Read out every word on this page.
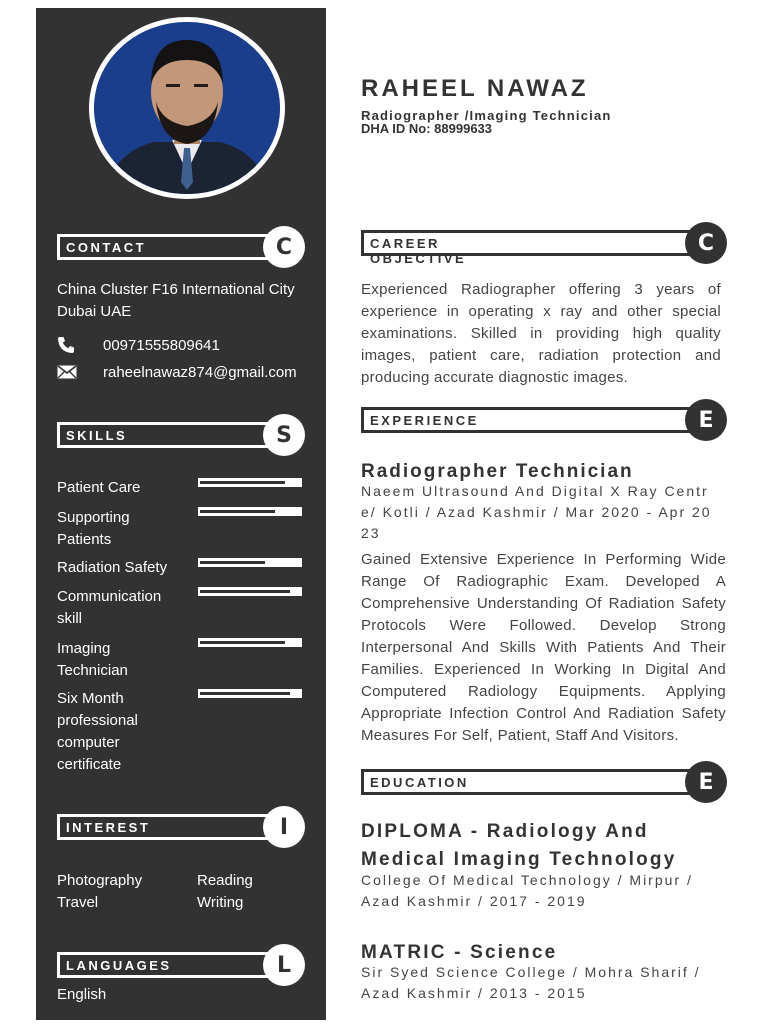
CONTACT	C
China Cluster F16 International City
Dubai UAE
00971555809641
raheelnawaz874@gmail.com
SKILLS	S
Patient Care
Supporting Patients
Radiation Safety
Communication skill
Imaging Technician
Six Month professional computer certificate
INTEREST	I
Photography
Travel
Reading
Writing
LANGUAGES	L
English
RAHEEL NAWAZ
Radiographer /Imaging Technician
DHA ID No: 88999633
CAREER OBJECTIVE
C
Experienced Radiographer offering 3 years of experience in operating x ray and other special examinations. Skilled in providing high quality images, patient care, radiation protection and producing accurate diagnostic images.
EXPERIENCE	E
Radiographer Technician
Naeem Ultrasound And Digital X Ray Centre/ Kotli / Azad Kashmir / Mar 2020 - Apr 2023
Gained Extensive Experience In Performing Wide Range Of Radiographic Exam. Developed A Comprehensive Understanding Of Radiation Safety Protocols Were Followed. Develop Strong Interpersonal And Skills With Patients And Their Families. Experienced In Working In Digital And Computered Radiology Equipments. Applying Appropriate Infection Control And Radiation Safety Measures For Self, Patient, Staff And Visitors.
EDUCATION	E
DIPLOMA - Radiology And Medical Imaging Technology
College Of Medical Technology / Mirpur / Azad Kashmir / 2017 - 2019
MATRIC - Science
Sir Syed Science College / Mohra Sharif / Azad Kashmir / 2013 - 2015
